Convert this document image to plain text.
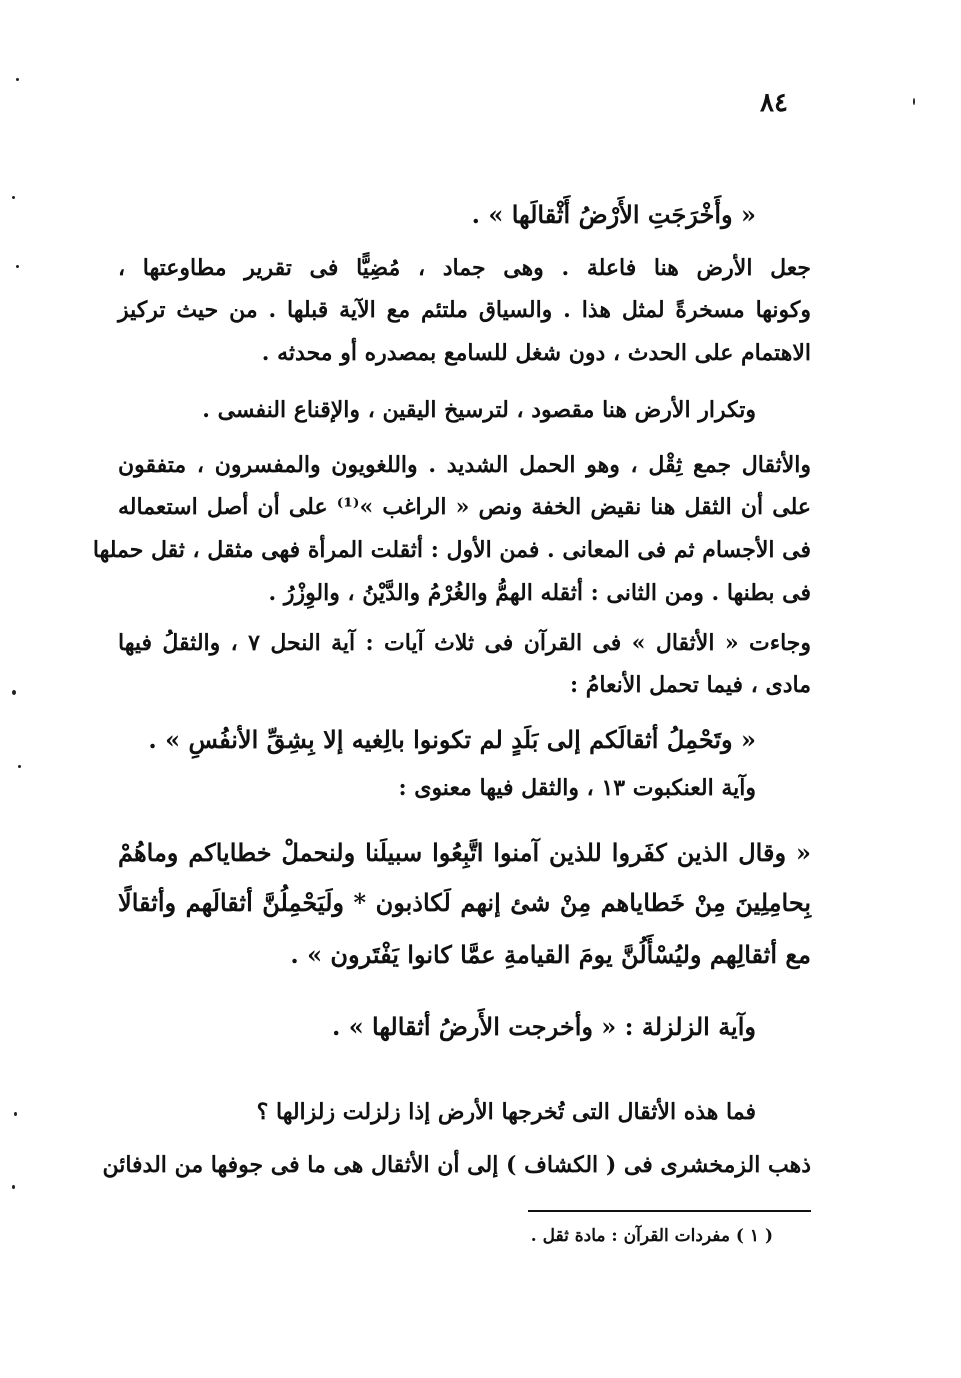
٨٤
« وأَخْرَجَتِ الأَرْضُ أَثْقالَها » .
جعل الأرض هنا فاعلة . وهى جماد ، مُضِيًّا فى تقرير مطاوعتها ،
وكونها مسخرةً لمثل هذا . والسياق ملتئم مع الآية قبلها . من حيث تركيز
الاهتمام على الحدث ، دون شغل للسامع بمصدره أو محدثه .
وتكرار الأرض هنا مقصود ، لترسيخ اليقين ، والإقناع النفسى .
والأثقال جمع ثِقْل ، وهو الحمل الشديد . واللغويون والمفسرون ، متفقون
على أن الثقل هنا نقيض الخفة ونص « الراغب »⁽¹⁾ على أن أصل استعماله
فى الأجسام ثم فى المعانى . فمن الأول : أثقلت المرأة فهى مثقل ، ثقل حملها
فى بطنها . ومن الثانى : أثقله الهمُّ والغُرْمُ والدَّيْنُ ، والوِزْرُ .
وجاءت « الأثقال » فى القرآن فى ثلاث آيات : آية النحل ٧ ، والثقلُ فيها
مادى ، فيما تحمل الأنعامُ :
« وتَحْمِلُ أثقالَكم إلى بَلَدٍ لم تكونوا بالِغيه إلا بِشِقِّ الأنفُسِ » .
وآية العنكبوت ١٣ ، والثقل فيها معنوى :
« وقال الذين كفَروا للذين آمنوا اتَّبِعُوا سبيلَنا ولنحملْ خطاياكم وماهُمْ
بِحامِلِينَ مِنْ خَطاياهم مِنْ شئ إنهم لَكاذبون * ولَيَحْمِلُنَّ أثقالَهم وأثقالًا
مع أثقالِهم وليُسْأَلُنَّ يومَ القيامةِ عمَّا كانوا يَفْتَرون » .
وآية الزلزلة : « وأخرجت الأَرضُ أثقالها » .
فما هذه الأثقال التى تُخرجها الأرض إذا زلزلت زلزالها ؟
ذهب الزمخشرى فى ( الكشاف ) إلى أن الأثقال هى ما فى جوفها من الدفائن
( ١ ) مفردات القرآن : مادة ثقل .
